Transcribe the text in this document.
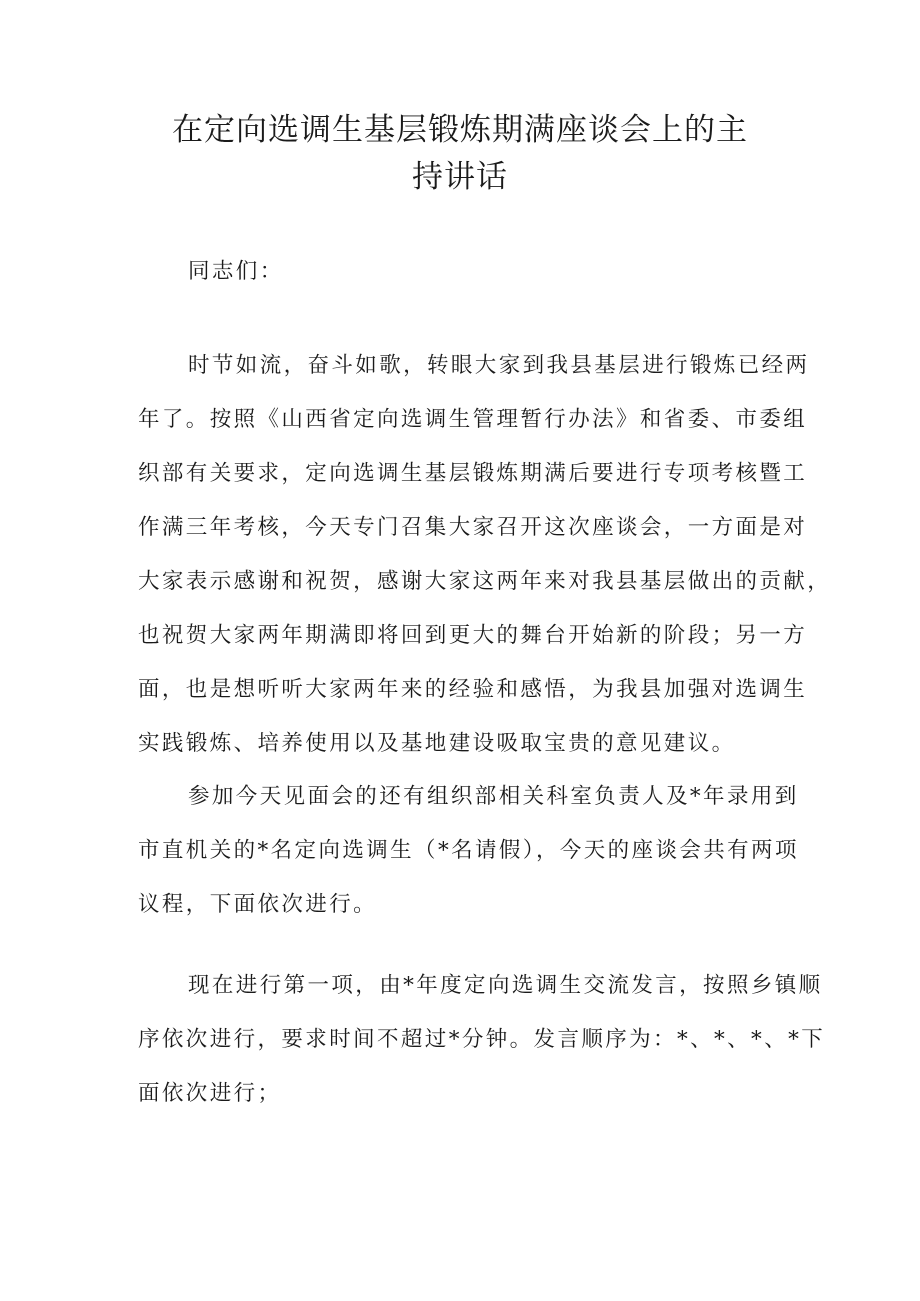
在定向选调生基层锻炼期满座谈会上的主
持讲话
同志们：
时节如流，奋斗如歌，转眼大家到我县基层进行锻炼已经两
年了。按照《山西省定向选调生管理暂行办法》和省委、市委组
织部有关要求，定向选调生基层锻炼期满后要进行专项考核暨工
作满三年考核，今天专门召集大家召开这次座谈会，一方面是对
大家表示感谢和祝贺，感谢大家这两年来对我县基层做出的贡献，
也祝贺大家两年期满即将回到更大的舞台开始新的阶段；另一方
面，也是想听听大家两年来的经验和感悟，为我县加强对选调生
实践锻炼、培养使用以及基地建设吸取宝贵的意见建议。
参加今天见面会的还有组织部相关科室负责人及*年录用到
市直机关的*名定向选调生（*名请假），今天的座谈会共有两项
议程，下面依次进行。
现在进行第一项，由*年度定向选调生交流发言，按照乡镇顺
序依次进行，要求时间不超过*分钟。发言顺序为：*、*、*、*下
面依次进行；
